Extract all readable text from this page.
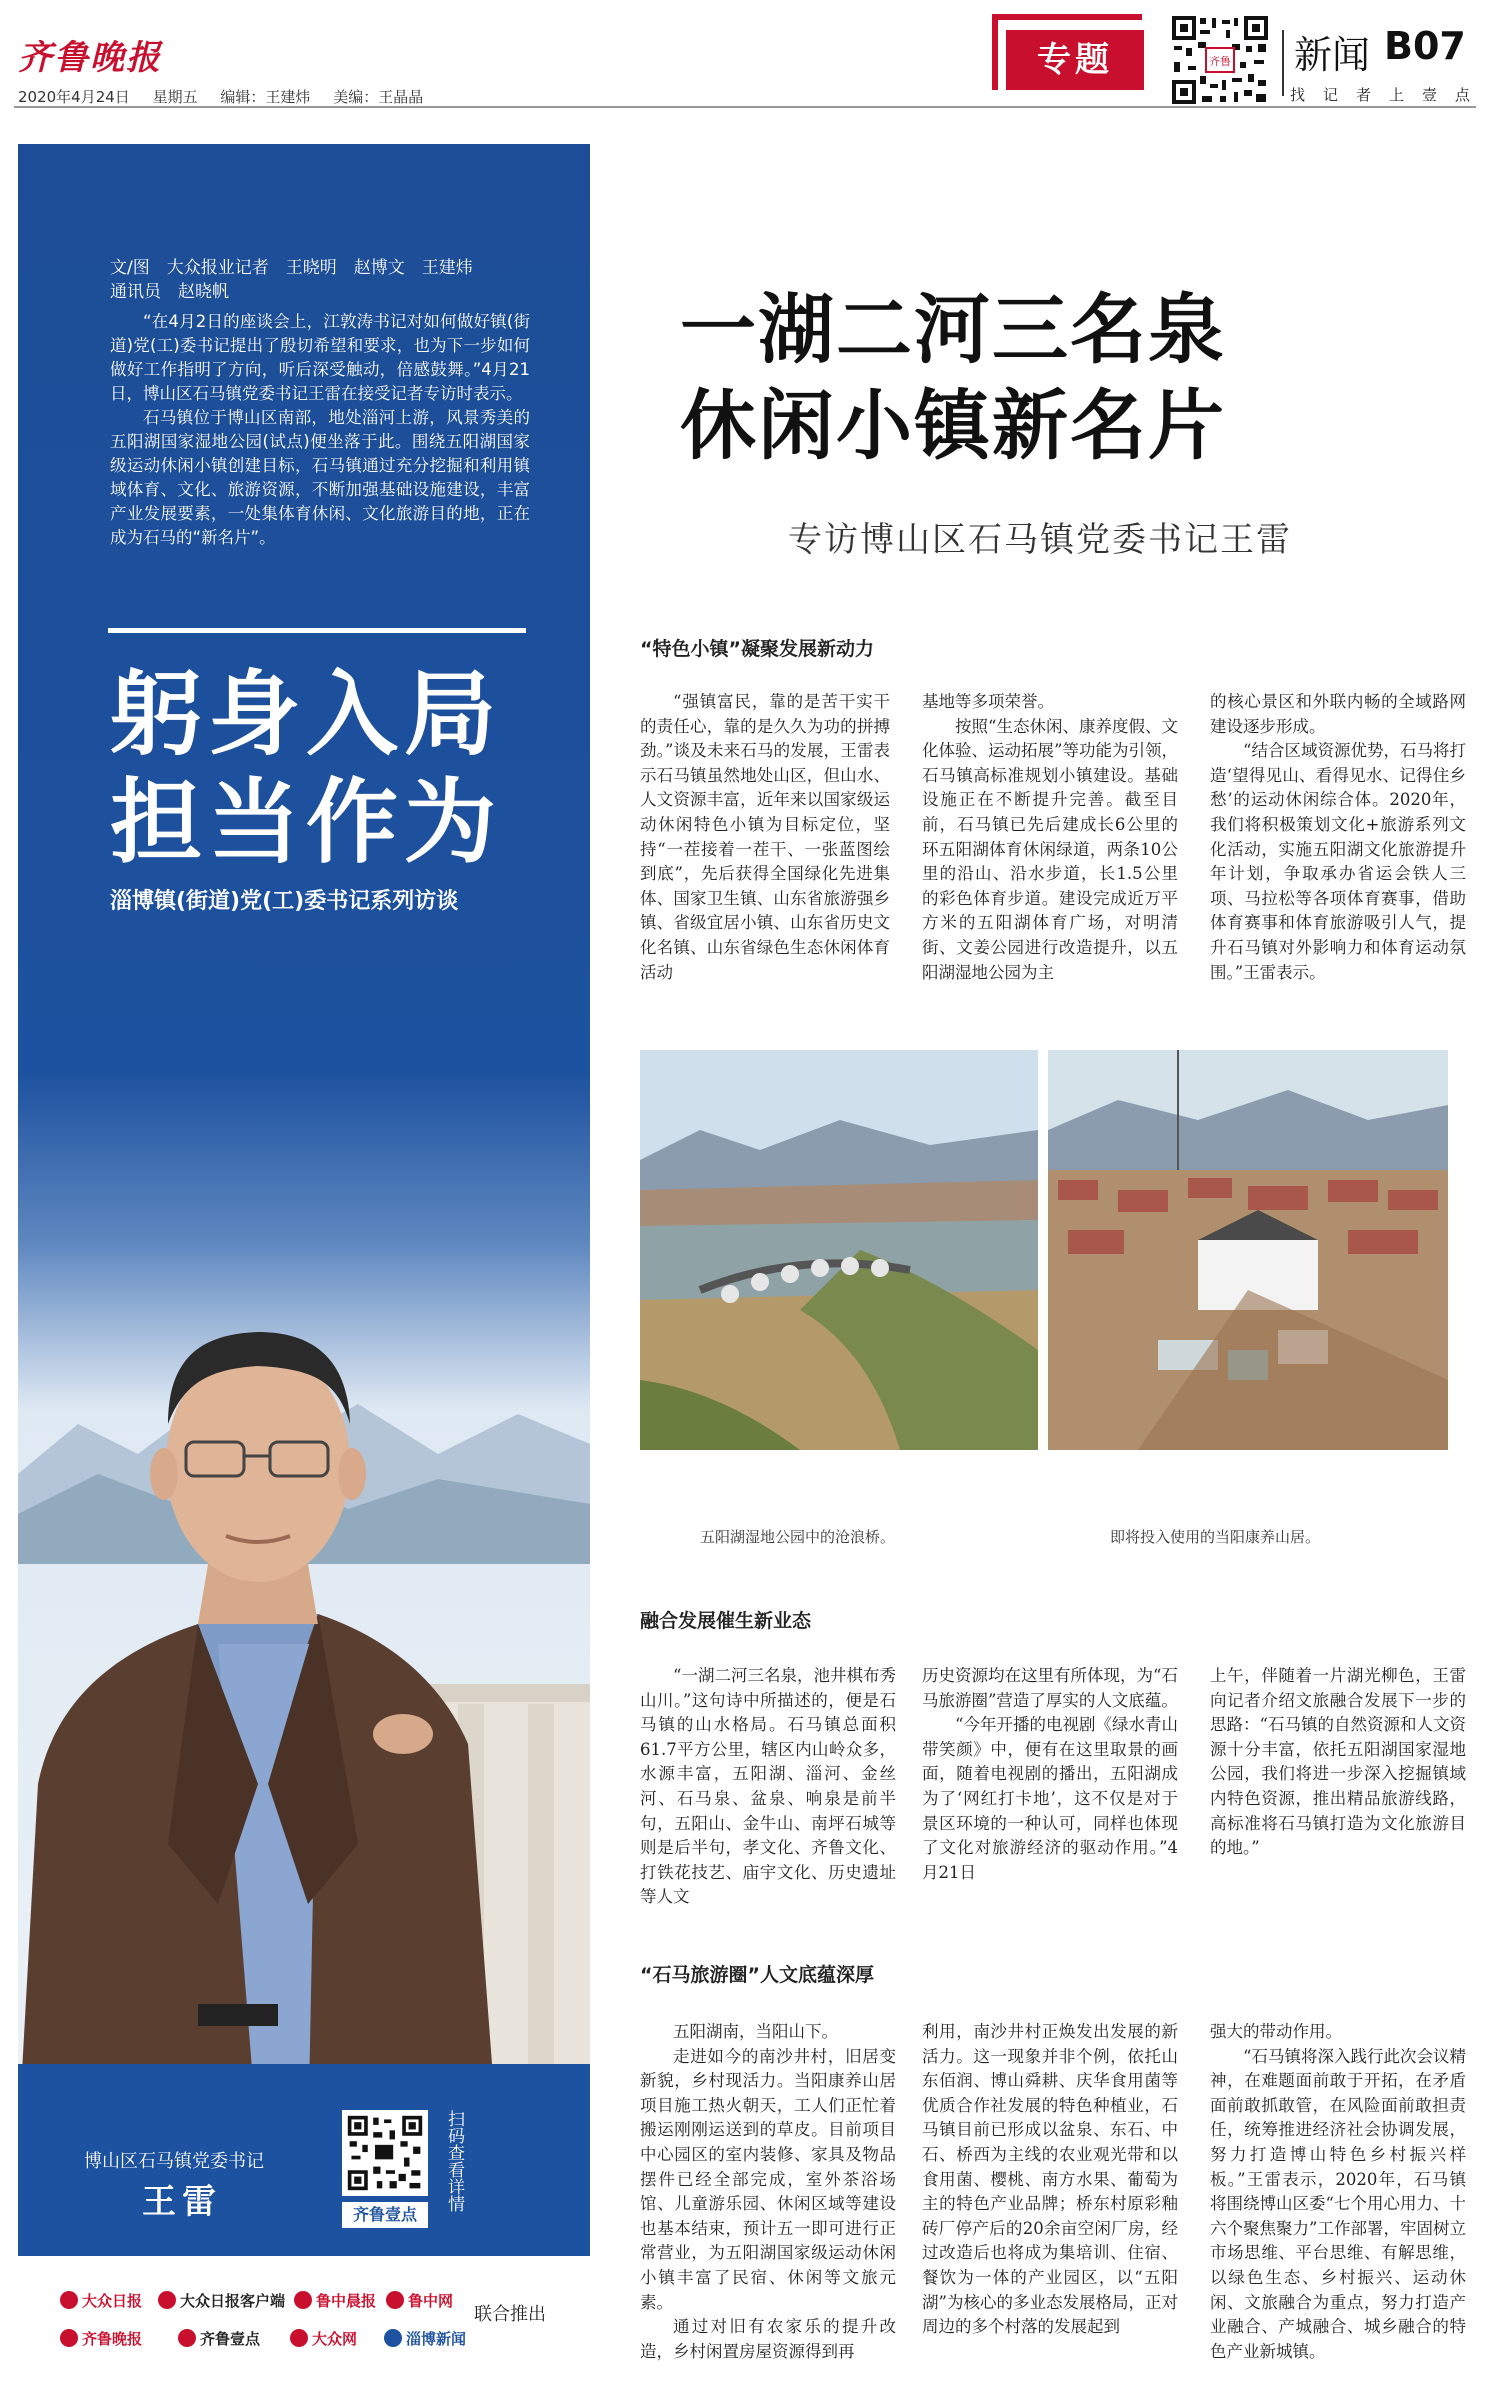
齐鲁晚报
2020年4月24日 星期五 编辑：王建炜 美编：王晶晶
专题	齐鲁 新闻 B07
找 记 者 上 壹 点
文/图　大众报业记者　王晓明　赵博文　王建炜
通讯员　赵晓帆

“在4月2日的座谈会上，江敦涛书记对如何做好镇(街道)党(工)委书记提出了殷切希望和要求，也为下一步如何做好工作指明了方向，听后深受触动，倍感鼓舞。”4月21日，博山区石马镇党委书记王雷在接受记者专访时表示。

石马镇位于博山区南部，地处淄河上游，风景秀美的五阳湖国家湿地公园(试点)便坐落于此。围绕五阳湖国家级运动休闲小镇创建目标，石马镇通过充分挖掘和利用镇域体育、文化、旅游资源，不断加强基础设施建设，丰富产业发展要素，一处集体育休闲、文化旅游目的地，正在成为石马的“新名片”。

躬身入局
担当作为
淄博镇(街道)党(工)委书记系列访谈
博山区石马镇党委书记
王雷	齐鲁壹点
扫码查看详情
大众日报	大众日报客户端	鲁中晨报	鲁中网
齐鲁晚报	齐鲁壹点	大众网	淄博新闻
联合推出
一湖二河三名泉
休闲小镇新名片
专访博山区石马镇党委书记王雷
“特色小镇”凝聚发展新动力

“强镇富民，靠的是苦干实干的责任心，靠的是久久为功的拼搏劲。”谈及未来石马的发展，王雷表示石马镇虽然地处山区，但山水、人文资源丰富，近年来以国家级运动休闲特色小镇为目标定位，坚持“一茬接着一茬干、一张蓝图绘到底”，先后获得全国绿化先进集体、国家卫生镇、山东省旅游强乡镇、省级宜居小镇、山东省历史文化名镇、山东省绿色生态休闲体育活动

基地等多项荣誉。

按照“生态休闲、康养度假、文化体验、运动拓展”等功能为引领，石马镇高标准规划小镇建设。基础设施正在不断提升完善。截至目前，石马镇已先后建成长6公里的环五阳湖体育休闲绿道，两条10公里的沿山、沿水步道，长1.5公里的彩色体育步道。建设完成近万平方米的五阳湖体育广场，对明清街、文姜公园进行改造提升，以五阳湖湿地公园为主

的核心景区和外联内畅的全域路网建设逐步形成。

“结合区域资源优势，石马将打造‘望得见山、看得见水、记得住乡愁’的运动休闲综合体。2020年，我们将积极策划文化+旅游系列文化活动，实施五阳湖文化旅游提升年计划，争取承办省运会铁人三项、马拉松等各项体育赛事，借助体育赛事和体育旅游吸引人气，提升石马镇对外影响力和体育运动氛围。”王雷表示。

五阳湖湿地公园中的沧浪桥。	即将投入使用的当阳康养山居。
融合发展催生新业态

“一湖二河三名泉，池井棋布秀山川。”这句诗中所描述的，便是石马镇的山水格局。石马镇总面积61.7平方公里，辖区内山岭众多，水源丰富，五阳湖、淄河、金丝河、石马泉、盆泉、响泉是前半句，五阳山、金牛山、南坪石城等则是后半句，孝文化、齐鲁文化、打铁花技艺、庙宇文化、历史遗址等人文

历史资源均在这里有所体现，为“石马旅游圈”营造了厚实的人文底蕴。

“今年开播的电视剧《绿水青山带笑颜》中，便有在这里取景的画面，随着电视剧的播出，五阳湖成为了‘网红打卡地’，这不仅是对于景区环境的一种认可，同样也体现了文化对旅游经济的驱动作用。”4月21日

上午，伴随着一片湖光柳色，王雷向记者介绍文旅融合发展下一步的思路：“石马镇的自然资源和人文资源十分丰富，依托五阳湖国家湿地公园，我们将进一步深入挖掘镇域内特色资源，推出精品旅游线路，高标准将石马镇打造为文化旅游目的地。”

“石马旅游圈”人文底蕴深厚

五阳湖南，当阳山下。

走进如今的南沙井村，旧居变新貌，乡村现活力。当阳康养山居项目施工热火朝天，工人们正忙着搬运刚刚运送到的草皮。目前项目中心园区的室内装修、家具及物品摆件已经全部完成，室外茶浴场馆、儿童游乐园、休闲区域等建设也基本结束，预计五一即可进行正常营业，为五阳湖国家级运动休闲小镇丰富了民宿、休闲等文旅元素。

通过对旧有农家乐的提升改造，乡村闲置房屋资源得到再

利用，南沙井村正焕发出发展的新活力。这一现象并非个例，依托山东佰润、博山舜耕、庆华食用菌等优质合作社发展的特色种植业，石马镇目前已形成以盆泉、东石、中石、桥西为主线的农业观光带和以食用菌、樱桃、南方水果、葡萄为主的特色产业品牌；桥东村原彩釉砖厂停产后的20余亩空闲厂房，经过改造后也将成为集培训、住宿、餐饮为一体的产业园区，以“五阳湖”为核心的多业态发展格局，正对周边的多个村落的发展起到

强大的带动作用。

“石马镇将深入践行此次会议精神，在难题面前敢于开拓，在矛盾面前敢抓敢管，在风险面前敢担责任，统筹推进经济社会协调发展，努力打造博山特色乡村振兴样板。”王雷表示，2020年，石马镇将围绕博山区委“七个用心用力、十六个聚焦聚力”工作部署，牢固树立市场思维、平台思维、有解思维，以绿色生态、乡村振兴、运动休闲、文旅融合为重点，努力打造产业融合、产城融合、城乡融合的特色产业新城镇。
